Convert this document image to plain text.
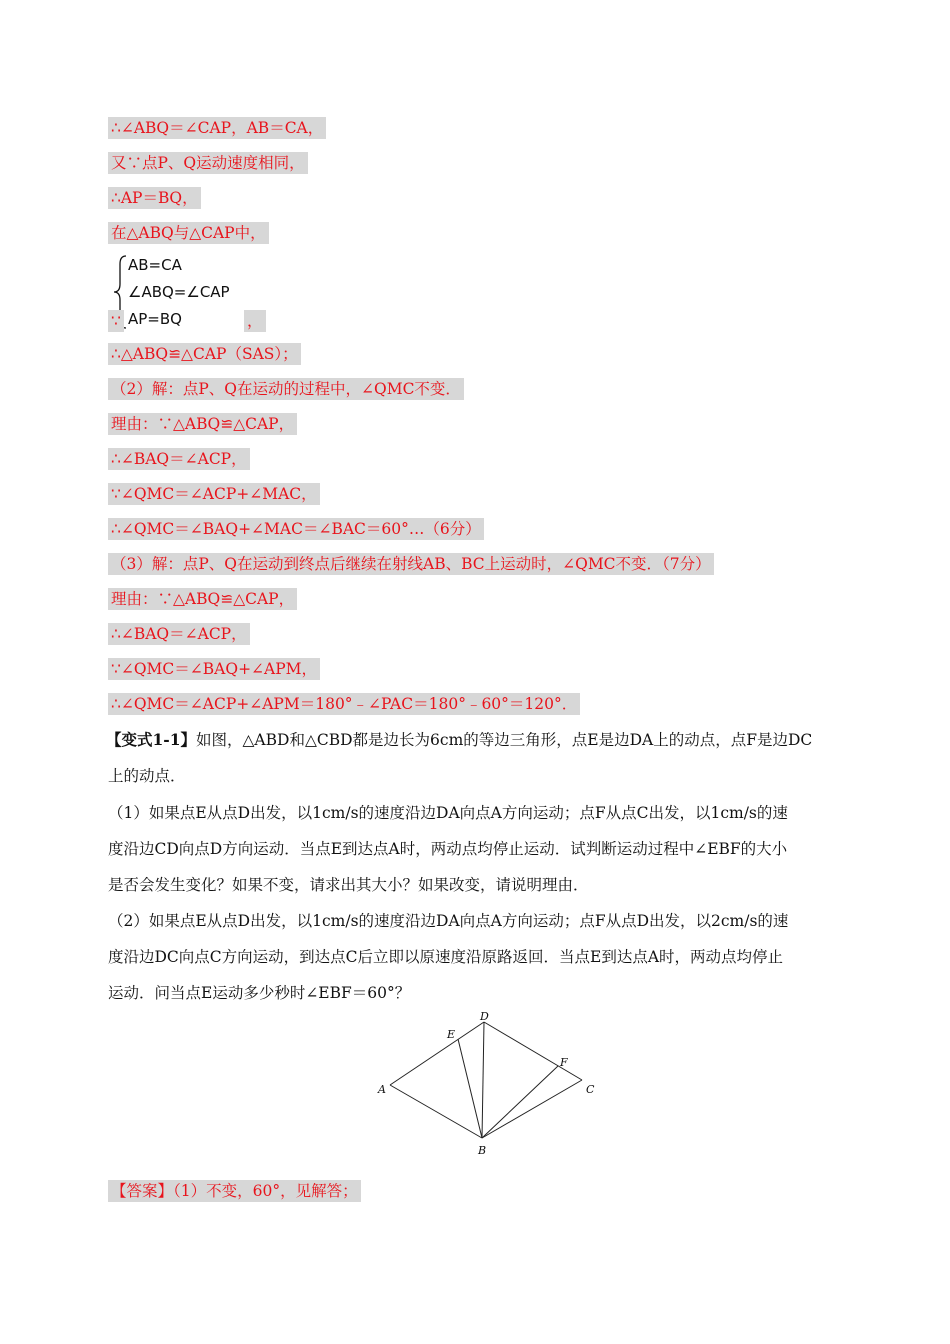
∴∠ABQ＝∠CAP，AB＝CA，
又∵点P、Q运动速度相同，
∴AP＝BQ，
在△ABQ与△CAP中，
AB=CA
∠ABQ=∠CAP
AP=BQ
∵	，
∴△ABQ≌△CAP（SAS）；
（2）解：点P、Q在运动的过程中，∠QMC不变．
理由：∵△ABQ≌△CAP，
∴∠BAQ＝∠ACP，
∵∠QMC＝∠ACP+∠MAC，
∴∠QMC＝∠BAQ+∠MAC＝∠BAC＝60°…（6分）
（3）解：点P、Q在运动到终点后继续在射线AB、BC上运动时，∠QMC不变．（7分）
理由：∵△ABQ≌△CAP，
∴∠BAQ＝∠ACP，
∵∠QMC＝∠BAQ+∠APM，
∴∠QMC＝∠ACP+∠APM＝180°﹣∠PAC＝180°﹣60°＝120°．
【变式1-1】如图，△ABD和△CBD都是边长为6cm的等边三角形，点E是边DA上的动点，点F是边DC
上的动点．
（1）如果点E从点D出发，以1cm/s的速度沿边DA向点A方向运动；点F从点C出发，以1cm/s的速
度沿边CD向点D方向运动．当点E到达点A时，两动点均停止运动．试判断运动过程中∠EBF的大小
是否会发生变化？如果不变，请求出其大小？如果改变，请说明理由．
（2）如果点E从点D出发，以1cm/s的速度沿边DA向点A方向运动；点F从点D出发，以2cm/s的速
度沿边DC向点C方向运动，到达点C后立即以原速度沿原路返回．当点E到达点A时，两动点均停止
运动．问当点E运动多少秒时∠EBF＝60°？
A
B
C
D
E
F
【答案】（1）不变，60°，见解答；
